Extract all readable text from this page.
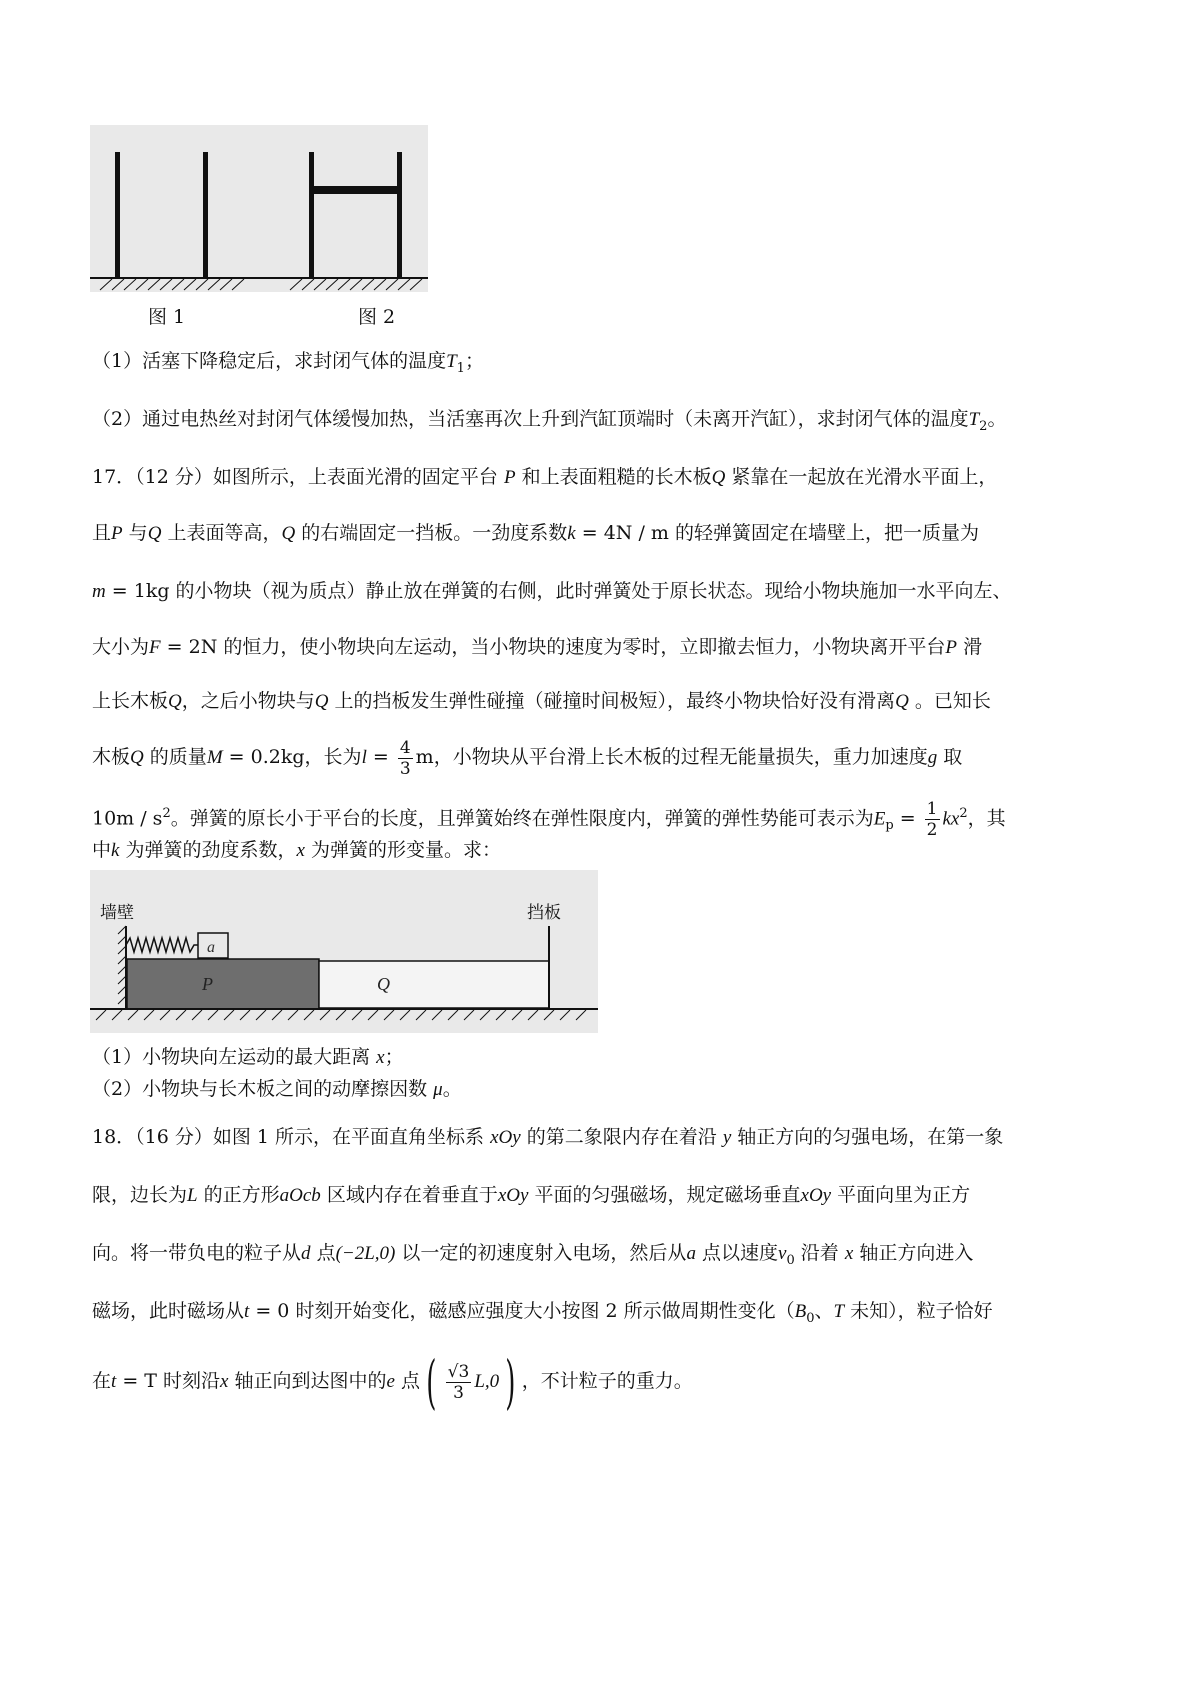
图 1	图 2
（1）活塞下降稳定后，求封闭气体的温度$T_1$；
（2）通过电热丝对封闭气体缓慢加热，当活塞再次上升到汽缸顶端时（未离开汽缸），求封闭气体的温度$T_2$。
17．（12 分）如图所示，上表面光滑的固定平台 P 和上表面粗糙的长木板Q 紧靠在一起放在光滑水平面上，
且P 与Q 上表面等高，Q 的右端固定一挡板。一劲度系数k = 4N / m 的轻弹簧固定在墙壁上，把一质量为
m = 1kg 的小物块（视为质点）静止放在弹簧的右侧，此时弹簧处于原长状态。现给小物块施加一水平向左、
大小为F = 2N 的恒力，使小物块向左运动，当小物块的速度为零时，立即撤去恒力，小物块离开平台P 滑
上长木板Q，之后小物块与Q 上的挡板发生弹性碰撞（碰撞时间极短），最终小物块恰好没有滑离Q 。已知长
木板Q 的质量M = 0.2kg，长为$l = \frac{4}{3}$ m，小物块从平台滑上长木板的过程无能量损失，重力加速度g 取
$10m / s^2$。弹簧的原长小于平台的长度，且弹簧始终在弹性限度内，弹簧的弹性势能可表示为$E_p = \frac{1}{2} kx^2$，其
中k 为弹簧的劲度系数，x 为弹簧的形变量。求：
墙壁	挡板
a
P	Q
（1）小物块向左运动的最大距离 x；
（2）小物块与长木板之间的动摩擦因数 μ。
18．（16 分）如图 1 所示，在平面直角坐标系 xOy 的第二象限内存在着沿 y 轴正方向的匀强电场，在第一象
限，边长为L 的正方形aOcb 区域内存在着垂直于xOy 平面的匀强磁场，规定磁场垂直xOy 平面向里为正方
向。将一带负电的粒子从d 点(−2L,0) 以一定的初速度射入电场，然后从a 点以速度$v_0$ 沿着 x 轴正方向进入
磁场，此时磁场从t = 0 时刻开始变化，磁感应强度大小按图 2 所示做周期性变化（$B_0$、T 未知），粒子恰好
在t = T 时刻沿x 轴正向到达图中的e 点 ( $\frac{√3}{3} L,0$ ) ，不计粒子的重力。
